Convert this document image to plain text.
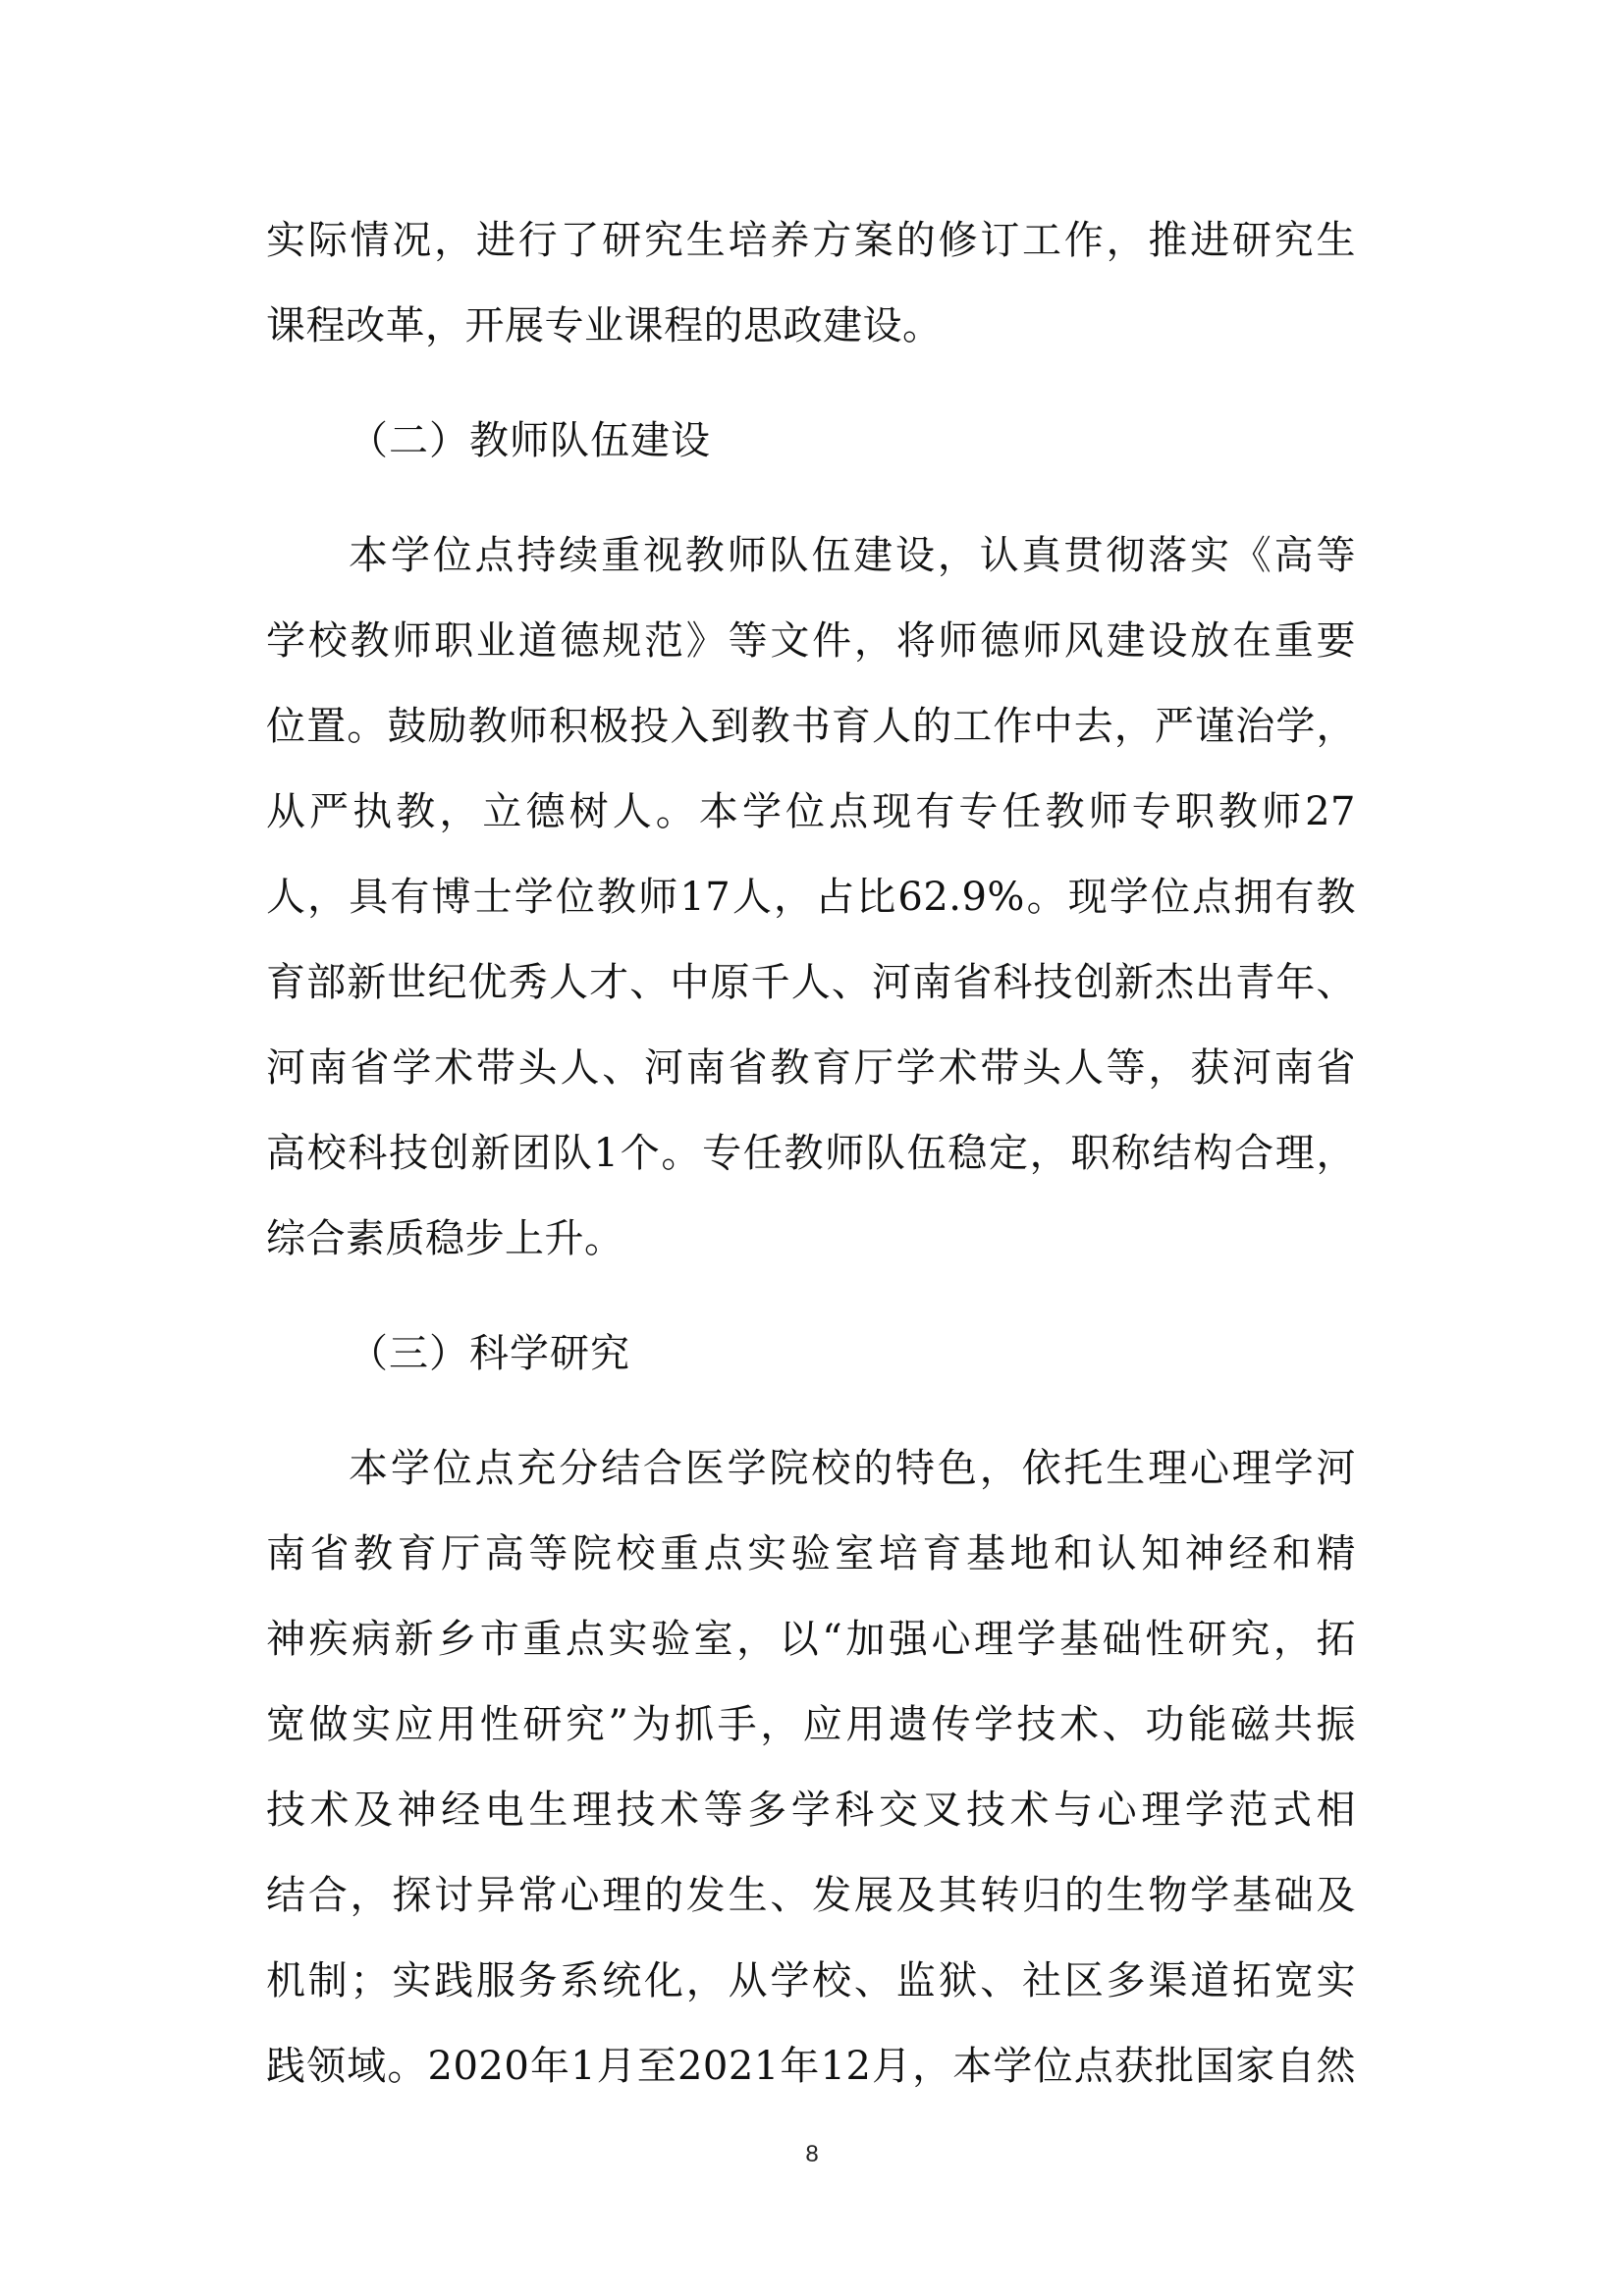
实际情况，进行了研究生培养方案的修订工作，推进研究生
课程改革，开展专业课程的思政建设。
（二）教师队伍建设
本学位点持续重视教师队伍建设，认真贯彻落实《高等
学校教师职业道德规范》等文件，将师德师风建设放在重要
位置。鼓励教师积极投入到教书育人的工作中去，严谨治学，
从严执教，立德树人。本学位点现有专任教师专职教师27
人，具有博士学位教师17人，占比62.9%。现学位点拥有教
育部新世纪优秀人才、中原千人、河南省科技创新杰出青年、
河南省学术带头人、河南省教育厅学术带头人等，获河南省
高校科技创新团队1个。专任教师队伍稳定，职称结构合理，
综合素质稳步上升。
（三）科学研究
本学位点充分结合医学院校的特色，依托生理心理学河
南省教育厅高等院校重点实验室培育基地和认知神经和精
神疾病新乡市重点实验室，以“加强心理学基础性研究，拓
宽做实应用性研究”为抓手，应用遗传学技术、功能磁共振
技术及神经电生理技术等多学科交叉技术与心理学范式相
结合，探讨异常心理的发生、发展及其转归的生物学基础及
机制；实践服务系统化，从学校、监狱、社区多渠道拓宽实
践领域。2020年1月至2021年12月，本学位点获批国家自然
8
